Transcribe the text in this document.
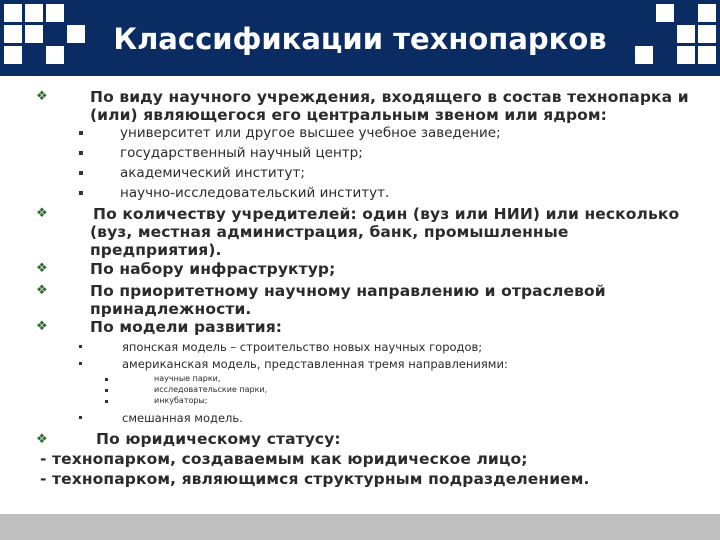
Классификации технопарков
❖	По виду научного учреждения, входящего в состав технопарка и
(или) являющегося его центральным звеном или ядром:
университет или другое высшее учебное заведение;
государственный научный центр;
академический институт;
научно-исследовательский институт.
❖	По количеству учредителей: один (вуз или НИИ) или несколько
(вуз, местная администрация, банк, промышленные
предприятия).
❖	По набору инфраструктур;
❖	По приоритетному научному направлению и отраслевой
принадлежности.
❖	По модели развития:
японская модель – строительство новых научных городов;
американская модель, представленная тремя направлениями:
научные парки,
исследовательские парки,
инкубаторы;
смешанная модель.
❖	По юридическому статусу:
- технопарком, создаваемым как юридическое лицо;
- технопарком, являющимся структурным подразделением.
